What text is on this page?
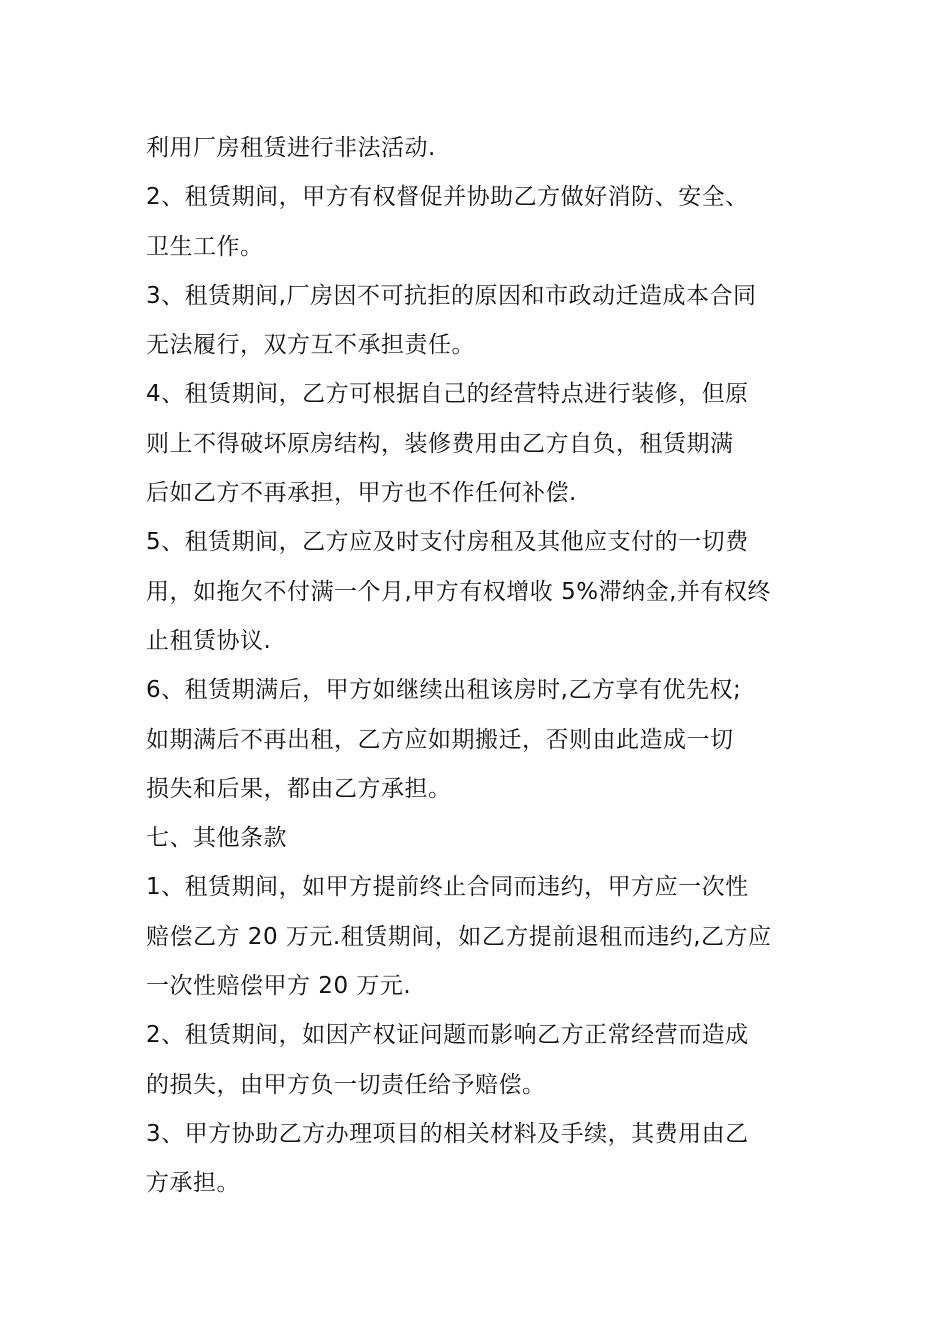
利用厂房租赁进行非法活动.
2、租赁期间，甲方有权督促并协助乙方做好消防、安全、
卫生工作。
3、租赁期间,厂房因不可抗拒的原因和市政动迁造成本合同
无法履行，双方互不承担责任。
4、租赁期间，乙方可根据自己的经营特点进行装修，但原
则上不得破坏原房结构，装修费用由乙方自负，租赁期满
后如乙方不再承担，甲方也不作任何补偿.
5、租赁期间，乙方应及时支付房租及其他应支付的一切费
用，如拖欠不付满一个月,甲方有权增收 5%滞纳金,并有权终
止租赁协议.
6、租赁期满后，甲方如继续出租该房时,乙方享有优先权;
如期满后不再出租，乙方应如期搬迁，否则由此造成一切
损失和后果，都由乙方承担。
七、其他条款
1、租赁期间，如甲方提前终止合同而违约，甲方应一次性
赔偿乙方 20 万元.租赁期间，如乙方提前退租而违约,乙方应
一次性赔偿甲方 20 万元.
2、租赁期间，如因产权证问题而影响乙方正常经营而造成
的损失，由甲方负一切责任给予赔偿。
3、甲方协助乙方办理项目的相关材料及手续，其费用由乙
方承担。
